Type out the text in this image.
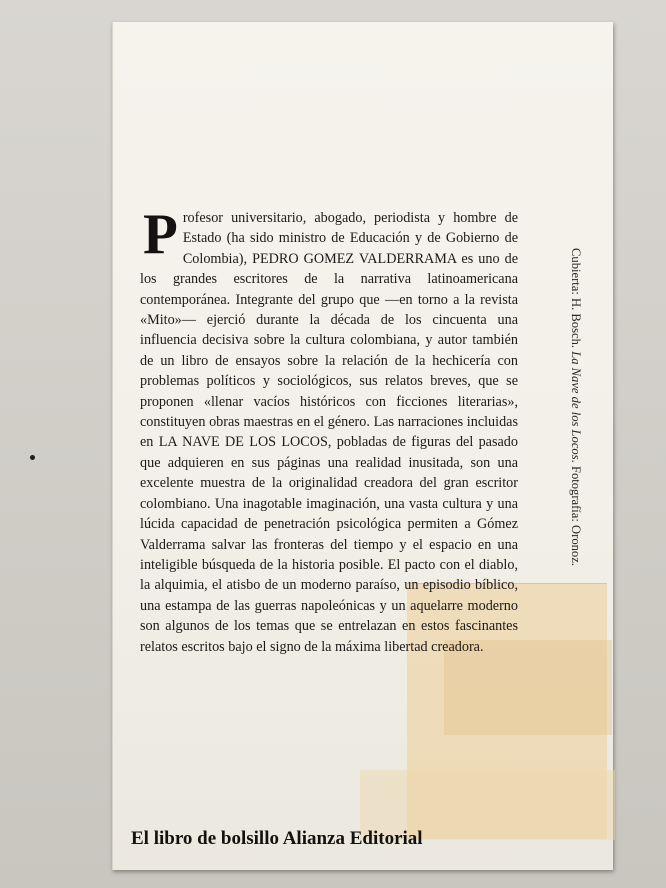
Profesor universitario, abogado, periodista y hombre de Estado (ha sido ministro de Educación y de Gobierno de Colombia), PEDRO GOMEZ VALDERRAMA es uno de los grandes escritores de la narrativa latinoamericana contemporánea. Integrante del grupo que —en torno a la revista «Mito»— ejerció durante la década de los cincuenta una influencia decisiva sobre la cultura colombiana, y autor también de un libro de ensayos sobre la relación de la hechicería con problemas políticos y sociológicos, sus relatos breves, que se proponen «llenar vacíos históricos con ficciones literarias», constituyen obras maestras en el género. Las narraciones incluidas en LA NAVE DE LOS LOCOS, pobladas de figuras del pasado que adquieren en sus páginas una realidad inusitada, son una excelente muestra de la originalidad creadora del gran escritor colombiano. Una inagotable imaginación, una vasta cultura y una lúcida capacidad de penetración psicológica permiten a Gómez Valderrama salvar las fronteras del tiempo y el espacio en una inteligible búsqueda de la historia posible. El pacto con el diablo, la alquimia, el atisbo de un moderno paraíso, un episodio bíblico, una estampa de las guerras napoleónicas y un aquelarre moderno son algunos de los temas que se entrelazan en estos fascinantes relatos escritos bajo el signo de la máxima libertad creadora.

Cubierta: H. Bosch. La Nave de los Locos. Fotografía: Oronoz.
El libro de bolsillo Alianza Editorial
